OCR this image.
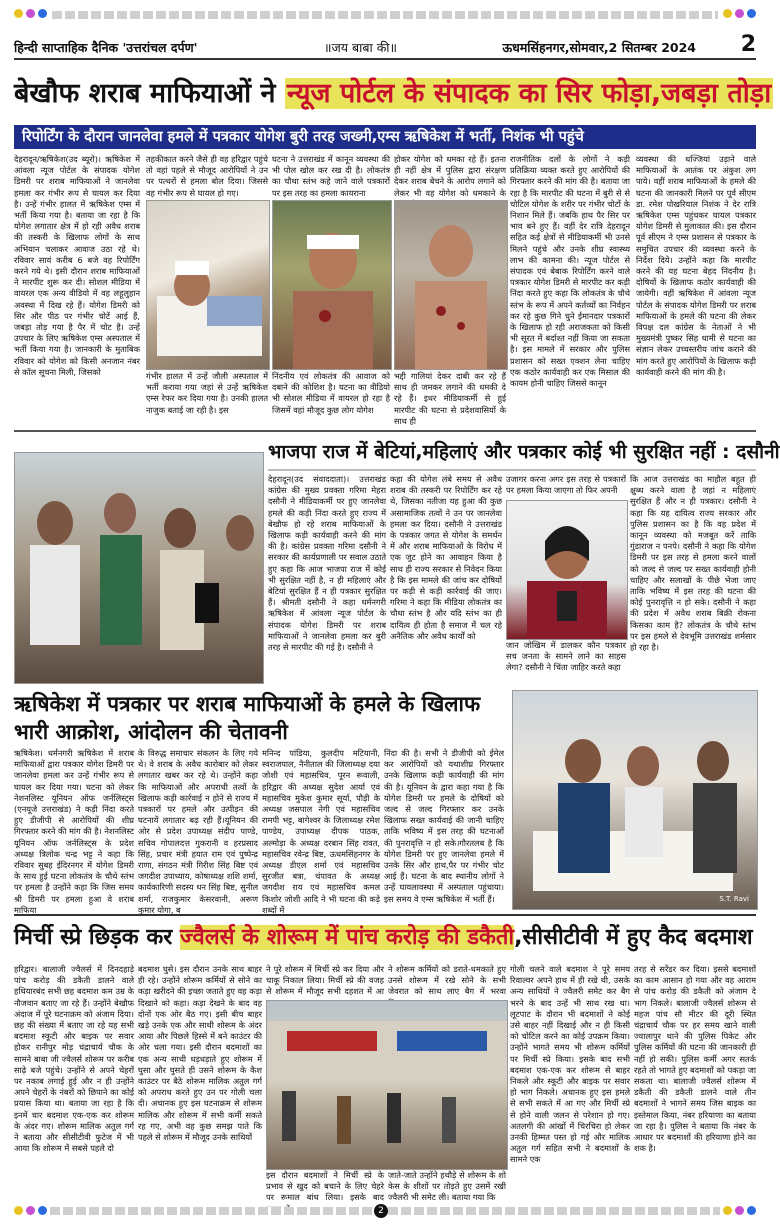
हिन्दी साप्ताहिक दैनिक 'उत्तरांचल दर्पण'	॥जय बाबा की॥	ऊधमसिंहनगर,सोमवार,2 सितम्बर 2024 2
बेखौफ शराब माफियाओं ने न्यूज पोर्टल के संपादक का सिर फोड़ा,जबड़ा तोड़ा
रिपोर्टिंग के दौरान जानलेवा हमले में पत्रकार योगेश बुरी तरह जख्मी,एम्स ऋषिकेश में भर्ती, निशंक भी पहुंचे
देहरादून/ऋषिकेश(उद ब्यूरो)। ऋषिकेश में आंवला न्यूज पोर्टल के संपादक योगेश डिमरी पर शराब माफियाओं ने जानलेवा हमला कर गंभीर रूप से घायल कर दिया है। उन्हें गंभीर हालत में ऋषिकेश एम्स में भर्ती किया गया है। बताया जा रहा है कि योगेश लगातार क्षेत्र में हो रही अवैध शराब की तस्करी के खिलाफ लोगों के साथ अभियान चलाकर आवाज उठा रहे थे। रविवार सायं करीब 6 बजे वह रिपोर्टिंग करने गये थे। इसी दौरान शराब माफियाओं ने मारपीट शुरू कर दी। सोशल मीडिया में वायरल एक अन्य वीडियो में वह लहूलुहान अवस्था में दिख रहे हैं। योगेश डिमरी को सिर और पीठ पर गंभीर चोटें आई हैं, जबड़ा तोड़ गया है पैर में चोट है। उन्हें उपचार के लिए ऋषिकेश एम्स अस्पताल में भर्ती किया गया है। जानकारी के मुताबिक रविवार को योगेश को किसी अनजान नंबर से कॉल सूचना मिली, जिसको
तहकीकात करने जैसे ही वह हरिद्वार पहुंचे तो वहां पहले से मौजूद आरोपियों ने उन पर पत्थरों से हमला बोल दिया। जिससे वह गंभीर रूप से घायल हो गए।
घटना ने उत्तराखंड में कानून व्यवस्था की भी पोल खोल कर रख दी है। लोकतंत्र का चौथा स्तंभ कहे जाने वाले पत्रकारों पर इस तरह का हमला कायराना
होकर योगेश को धमका रहे हैं। इतना ही नहीं क्षेत्र में पुलिस द्वारा संरक्षण देकर शराब बेचने के आरोप लगाने को लेकर भी वह योगेश को धमकाने के
गंभीर हालत में उन्हें जौली अस्पताल में भर्ती कराया गया जहां से उन्हें ऋषिकेश एम्स रेफर कर दिया गया है। उनकी हालत नाजुक बताई जा रही है। इस
निंदनीय एवं लोकतंत्र की आवाज को दबाने की कोशिश है। घटना का वीडियो भी सोशल मीडिया में वायरल हो रहा है जिसमें वहां मौजूद कुछ लोग योगेश
भद्दी गालियां देकर दाबी कर रहे हैं साथ ही जमकर लगाने की धमकी दे रहे हैं। इधर मीडियाकर्मी से हुई मारपीट की घटना से प्रदेशवासियों के साथ ही
राजनीतिक दलों के लोगों ने कड़ी प्रतिक्रिया व्यक्त करते हुए आरोपियों की गिरफ्तार करने की मांग की है। बताया जा रहा है कि मारपीट की घटना में बुरी से से चोटिल योगेश के शरीर पर गंभीर चोटों के निशान मिले हैं। जबकि हाथ पैर सिर पर भाव बने हुए हैं। वहीं देर रात्रि देहरादून सहित कई क्षेत्रों से मीडियाकर्मी भी उनसे मिलने पहुंचे और उनके शीघ्र स्वास्थ्य लाभ की कामना की। न्यूज पोर्टल से संपादक एवं बेबाक रिपोर्टिंग करने वाले पत्रकार योगेश डिमरी से मारपीट कर कड़ी निंदा करते हुए कहा कि लोकतंत्र के चौथे स्तंभ के रूप में अपने कर्तव्यों का निर्वहन कर रहे कुछ गिने चुने ईमानदार पत्रकारों के खिलाफ हो रही अराजकता को किसी भी सूरत में बर्दाश्त नहीं किया जा सकता है। इस मामले में सरकार और पुलिस प्रशासन को सख्त एक्शन लेना चाहिए एक कठोर कार्यवाही कर एक मिसाल की कायम होनी चाहिए जिससे कानून
व्यवस्था की धज्जियां उड़ाने वाले माफियाओं के आतंक पर अंकुश लग पाये। वहीं शराब माफियाओं के हमले की घटना की जानकारी मिलने पर पूर्व सीएम डा. रमेश पोखरियाल निशंक ने देर रात्रि ऋषिकेश एम्स पहुंचकर घायल पत्रकार योगेश डिमरी से मुलाकात की। इस दौरान पूर्व सीएम ने एम्स प्रशासन से पत्रकार के समुचित उपचार की व्यवस्था करने के निर्देश दिये। उन्होंने कहा कि मारपीट करने की यह घटना बेहद निंदनीय है। दोषियों के खिलाफ कठोर कार्यवाही की जायेगी। वहीं ऋषिकेश में आंवला न्यूज पोर्टल के संपादक योगेश डिमरी पर शराब माफियाओं के हमले की घटना की लेकर विपक्ष दल कांग्रेस के नेताओं ने भी मुख्यमंत्री पुष्कर सिंह धामी से घटना का संज्ञान लेकर उच्चस्तरीय जांच कराने की मांग करते हुए आरोपियों के खिलाफ कड़ी कार्यवाही करने की मांग की है।
भाजपा राज में बेटियां,महिलाएं और पत्रकार कोई भी सुरक्षित नहीं : दसौनी
देहरादून(उद संवाददाता)। उत्तराखंड कांग्रेस की मुख्य प्रवक्ता गरिमा मेहरा दसौनी ने मीडियाकर्मी पर हुए जानलेवा हमले की कड़ी निंदा करते हुए राज्य में बेखौफ हो रहे शराब माफियाओं के खिलाफ कड़ी कार्यवाही करने की मांग की है। कांग्रेस प्रवक्ता गरिमा दसौनी ने सरकार की कार्यप्रणाली पर सवाल उठाते हुए कहा कि आज भाजपा राज में कोई भी सुरक्षित नहीं है, न ही महिलाएं और बेटियां सुरक्षित हैं न ही पत्रकार सुरक्षित हैं। श्रीमती दसौनी ने कहा धर्मनगरी ऋषिकेश में आंवला न्यूज पोर्टल के संपादक योगेश डिमरी पर शराब माफियाओं ने जानलेवा हमला कर बुरी तरह से मारपीट की गई है। दसौनी ने
कहा की योगेश लंबे समय से अवैध शराब की तस्करी पर रिपोर्टिंग कर रहे थे, जिसका नतीजा यह हुआ की कुछ असामाजिक तत्वों ने उन पर जानलेवा हमला कर दिया। दसौनी ने उत्तराखंड के पत्रकार जगत से योगेश के समर्थन में और शराब माफियाओं के विरोध में एक जुट होने का आवाहन किया है साथ ही राज्य सरकार से निवेदन किया है कि इस मामले की जांच कर दोषियों पर कड़ी से कड़ी कार्रवाई की जाए। गरिमा ने कहा कि मीडिया लोकतंत्र का चौथा स्तंभ है और यदि स्तंभ का ही दायित्व ही होता है समाज में चल रहे अनैतिक और अवैध कार्यों को
उजागर करना अगर इस तरह से पत्रकारों पर हमला किया जाएगा तो फिर अपनी
जान जोखिम में डालकर कौन पत्रकार सच जनता के सामने लाने का साहस लेगा? दसौनी ने चिंता जाहिर करते कहा
कि आज उत्तराखंड का माहौल बहुत ही क्षुब्ध करने वाला है जहां न महिलाएं सुरक्षित हैं और न ही पत्रकार। दसौनी ने कहा कि यह दायित्व राज्य सरकार और पुलिस प्रशासन का है कि वह प्रदेश में कानून व्यवस्था को मजबूत करें ताकि गुंडाराज न पनपे। दसौनी ने कहा कि योगेश डिमरी पर इस तरह से हमला करने वालों को जल्द से जल्द पर सख्त कार्यवाही होनी चाहिए और सलाखों के पीछे भेजा जाए ताकि भविष्य में इस तरह की घटना की कोई पुनरावृत्ति न हो सके। दसौनी ने कहा की प्रदेश में अवैध शराब बिक्री रोकना किसका काम है? लोकतंत्र के चौथे स्तंभ पर इस हमले से देवभूमि उत्तराखंड शर्मसार हो रहा है।
ऋषिकेश में पत्रकार पर शराब माफियाओं के हमले के खिलाफ भारी आक्रोश, आंदोलन की चेतावनी
ऋषिकेश। धर्मनगरी ऋषिकेश में शराब माफियाओं द्वारा पत्रकार योगेश डिमरी पर जानलेवा हमला कर उन्हें गंभीर रूप से घायल कर दिया गया। घटना को लेकर नेशनलिस्ट यूनियन ऑफ जर्नलिस्ट्स (एनयूजे उत्तराखंड) ने कड़ी निंदा करते हुए डीजीपी से आरोपियों की शीघ्र गिरफ्तार करने की मांग की है। नेशनलिस्ट यूनियन ऑफ जर्नलिस्ट्स के प्रदेश अध्यक्ष त्रिलोक चन्द्र भट्ट ने कहा कि रविवार सुबह ईदिरनगर में योगेश डिमरी के साथ हुई घटना लोकतंत्र के चौथे स्तंभ पर हमला है उन्होंने कहा कि जिस समय श्री डिमरी पर हमला हुआ वे शराब माफिया
के विरुद्ध समाचार संकलन के लिए गये थे। वे शराब के अवैध कारोबार को लेकर लगातार खबर कर रहे थे। उन्होंने कहा कि माफियाओं और अपराधी तत्वों के खिलाफ कड़ी कार्रवाई न होने से राज्य में पत्रकारों पर हमले और उत्पीड़न की घटनायें लगातार बढ़ रही हैं।यूनियन की ओर से प्रदेश उपाध्यक्ष संदीप पाण्डे, सचिव गोपालदत्त गुकरानी व हरप्रसाद सिंह, प्रचार मंत्री हयात राम एवं पुष्पेन्द्र राणा, संगठन मंत्री गिरीश सिंह बिष्ट एवं जगदीश उपाध्याय, कोषाध्यक्ष शशि शर्मा, कार्यकारिणी सदस्य धन सिंह बिष्ट, सुनील शर्मा, राजकुमार केसरवानी, अरूण कुमार योगा, ब
मनिन्द पांडिया, कुलदीप मटियानी, स्वराजपाल, नैनीताल की जिलाध्यक्ष दया जोशी एवं महासचिव, पूरन रूवाली, हरिद्वार की अध्यक्ष सुदेश आर्या एवं महासचिव मुकेश कुमार सूर्या, पौड़ी के अध्यक्ष जसपाल नेगी एवं महासचिव रामपी भट्ट, बागेश्वर के जिलाध्यक्ष रमेश पाण्डेय, उपाध्यक्ष दीपक पाठक, अल्मोड़ा के अध्यक्ष दरबान सिंह रावत, महासचिव रवेन्द्र बिष्ट, ऊधमसिंहनगर के अध्यक्ष डीएल शर्मा एवं महासचिव सुरजीत बत्रा, चंपावत के अध्यक्ष जगदीश राय एवं महासचिव कमल किशोर जोशी आदि ने भी घटना की कड़े शब्दों में
निंदा की है। सभी ने डीजीपी को ईमेल कर आरोपियों को यथाशीघ्र गिरफ्तार उनके खिलाफ कड़ी कार्यवाही की मांग की है। यूनियन के द्वारा कहा गया है कि योगेश डिमरी पर हमले के दोषियों को जल्द से जल्द गिरफ्तार कर उनके खिलाफ सख्त कार्यवाई की जानी चाहिए ताकि भविष्य में इस तरह की घटनाओं की पुनरावृत्ति न हो सके।गौरतलब है कि योगेश डिमरी पर हुए जानलेवा हमले में उनके सिर और हाथ,पैर पर गंभीर चोट आई हैं। घटना के बाद स्थानीय लोगों ने उन्हें घायलावस्था में अस्पताल पहुंचाया। इस समय वे एम्स ऋषिकेश में भर्ती हैं।	S.T. Ravi
मिर्ची स्प्रे छिड़क कर ज्वैलर्स के शोरूम में पांच करोड़ की डकैती,सीसीटीवी में हुए कैद बदमाश
हरिद्वार। बालाजी ज्वैलर्स में दिनदहाड़े पांच करोड़ की डकैती डालने वाले हथियारबंद सभी छह बदमाश कम उम्र के नौजवान बताए जा रहे हैं। उन्होंने बेखौफ अंदाज में पूरे घटनाक्रम को अंजाम दिया। छह की संख्या में बताए जा रहे यह सभी बदमाश स्कूटी और बाइक पर सवार होकर रानीपुर मोड़ चंद्राचार्य चौक के सामने बाबा जी ज्वैलर्स शोरूम पर करीब साढ़े बजे पहुंचे। उन्होंने से अपने चेहरों पर नकाब लगाई हुई और न ही उन्होंने अपने चेहरों के नंबरों को छिपाने का कोई प्रयास किया था। बताया जा रहा है कि इनमें चार बदमाश एक-एक कर शोरूम के अंदर गए। शोरूम मालिक अतुल गर्ग ने बताया और सीसीटीवी फुटेज में भी आया कि शोरूम में सबसे पहले दो
बदमाश घुसे। इस दौरान उनके साथ बाहर ही रहे। उन्होंने शोरूम कर्मियों से सोने का कड़ा खरीदने की इच्छा जताते हुए वह कड़ा दिखाने को कहा। कड़ा देखने के बाद वह दोनों एक ओर बैठ गए। इसी बीच बाहर खड़े उनके एक और साथी शोरूम के अंदर आया और पिछले हिस्से में बने काउंटर की ओर चला गया। इसी दौरान बदमाशों का एक अन्य साथी धड़धड़ाते हुए शोरूम में घुसा और घुसते ही उसने शोरूम के कैश काउंटर पर बैठे शोरूम मालिक अतुल गर्ग को अपराध करते हुए उन पर गोली चला दी। अचानक हुए इस घटनाक्रम से शोरूम मालिक और शोरूम में सभी कर्मी सकते रह गए, अभी वह कुछ समझ पाते कि पहले से शोरूम में मौजूद उनके साथियों
ने पूरे शोरूम में मिर्ची स्प्रे कर दिया और चाकू निकाल लिया। मिर्ची स्प्रे की वजह से शोरूम में मौजूद सभी दहशत में आ
ने शोरूम कर्मियों को डराते-धमकाते हुए उनसे शोरूम में रखे सोने के सभी जेवरात को साथ लाए बैग में भरवा
इस दौरान बदमाशों ने मिर्ची स्प्रे के प्रभाव से खुद को बचाने के लिए चेहरे पर रूमाल बांध लिया। इसके बाद
जाते-जाते उन्होंने हथौड़े से शोरूम के शो केस के शीशों पर तोड़ते हुए उसमें रखी ज्वैलरी भी समेट ली। बताया गया कि
गोली चलने वाले बदमाश ने पूरे समय रिवाल्वर अपने हाथ में ही रखे थी, उसके अन्य साथियों ने ज्वैलरी समेट कर बैग भरने के बाद उन्हें भी साथ रख था। लूटपाट के दौरान भी बदमाशों ने कोई उसे बाहर नहीं दिखाई और न ही किसी को चोटिल करने का कोई उपक्रम किया। उन्होंने भागते समय भी शोरूम कर्मियों पर मिर्ची स्प्रे किया। इसके बाद सभी बदमाश एक-एक कर शोरूम से बाहर निकले और स्कूटी और बाइक पर सवार हो भाग निकले। अचानक हुए इस हमले से सभी सकते में आ गए और मिर्ची स्प्रे से होने वाली जलन से परेशान हो गए। अतलगी की आंखों में चिरचिरा हो लेकर उनकी हिम्मत पस्त हो गई और मालिक अतुल गर्ग सहित सभी ने बदमाशों के सामने एक
तरह से सरेंडर कर दिया। इससे बदमाशों का काम आसान हो गया और वह आराम से पांच करोड़ की डकैती को अंजाम दे भाग निकले। बालाजी ज्वैलर्स शोरूम से महज पांच सौ मीटर की दूरी स्थित चंद्राचार्य चौक पर हर समय खाने वाली ज्वालापुर थाने की पुलिस पिकेट और पुलिस कर्मियों की घटना की जानकारी ही नहीं हो सकी। पुलिस कर्मी अगर सतर्क रहते तो भागते हुए बदमाशों को पकड़ा जा सकता था। बालाजी ज्वैलर्स शोरूम में डकैती की डकैती डालने वाले तीन बदमाशों ने भागने समय जिस बाइक का इस्तेमाल किया, नंबर हरियाणा का बताया जा रहा है। पुलिस ने बताया कि नंबर के आधार पर बदमाशों की हरियाणा होने का शक है।
2
